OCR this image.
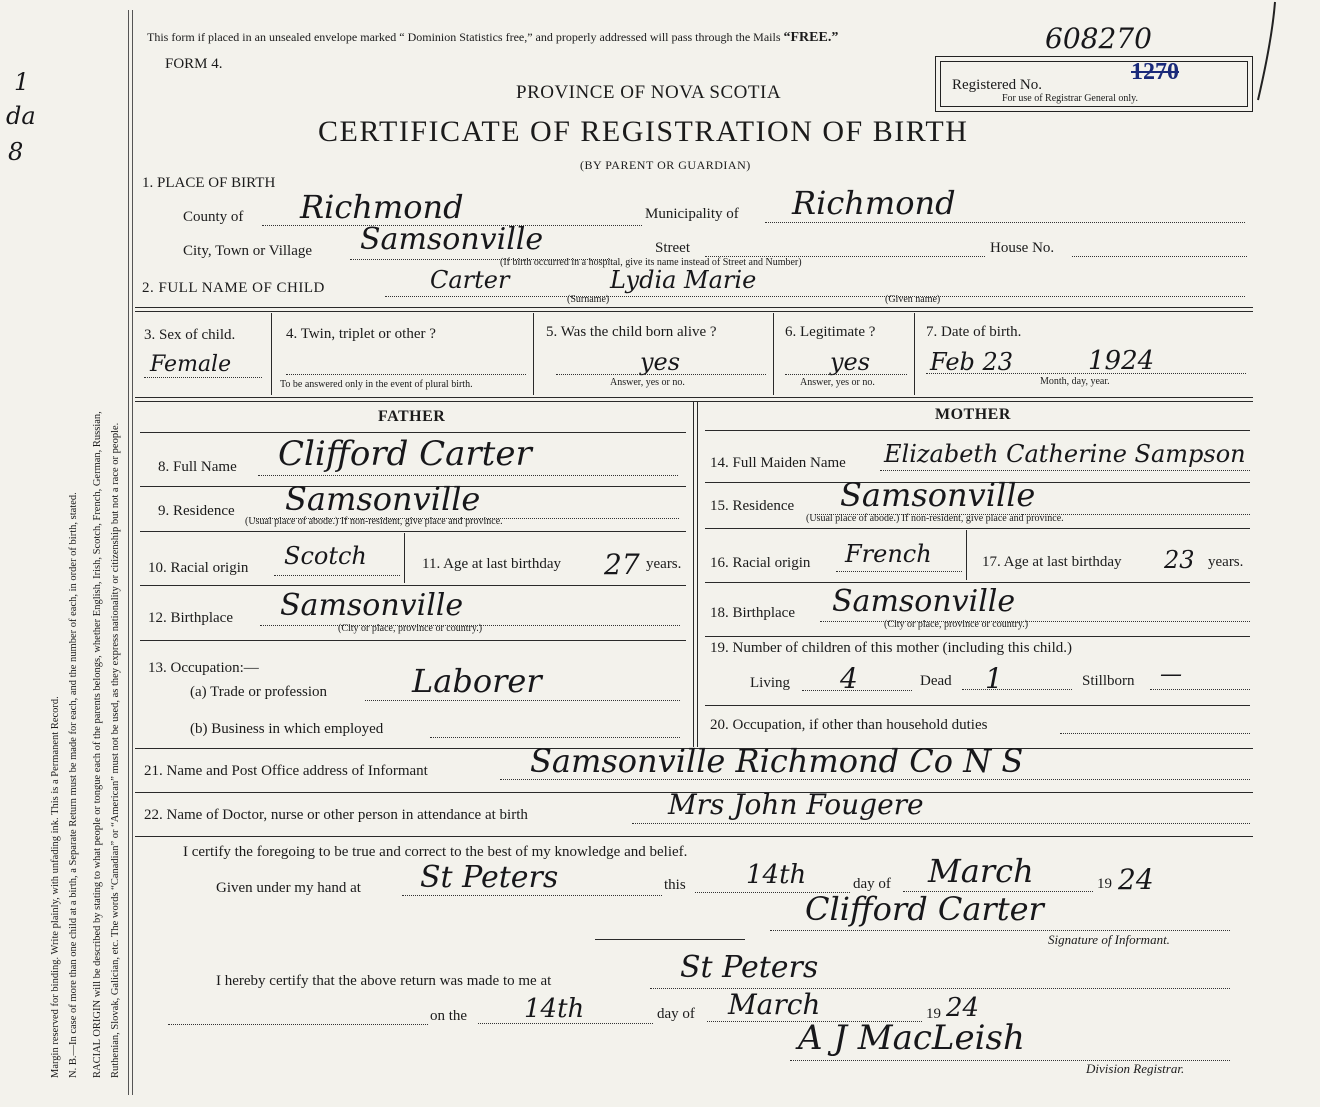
1
da
8
Margin reserved for binding. Write plainly, with unfading ink. This is a Permanent Record. N. B.—In case of more than one child at a birth, a Separate Return must be made for each, and the number of each, in order of birth, stated. RACIAL ORIGIN will be described by stating to what people or tongue each of the parents belongs, whether English, Irish, Scotch, French, German, Russian, Ruthenian, Slovak, Galician, etc. The words “Canadian” or “American” must not be used, as they express nationality or citizenship but not a race or people.
This form if placed in an unsealed envelope marked “ Dominion Statistics free,” and properly addressed will pass through the Mails “FREE.”	608270
FORM 4.
PROVINCE OF NOVA SCOTIA
CERTIFICATE OF REGISTRATION OF BIRTH
(BY PARENT OR GUARDIAN)
Registered No.	1270
For use of Registrar General only.
1. PLACE OF BIRTH
County of Richmond	Municipality of Richmond
City, Town or Village Samsonville	Street	House No.
(If birth occurred in a hospital, give its name instead of Street and Number)
2. FULL NAME OF CHILD	Carter	Lydia Marie
(Surname)	(Given name)
3. Sex of child.
Female
4. Twin, triplet or other ?
To be answered only in the event of plural birth.
5. Was the child born alive ?
yes
Answer, yes or no.
6. Legitimate ?
yes
Answer, yes or no.
7. Date of birth.
Feb 23	1924
Month, day, year.
FATHER	MOTHER
8. Full Name Clifford Carter
9. Residence Samsonville
(Usual place of abode.) If non-resident, give place and province.
10. Racial origin Scotch	11. Age at last birthday 27 years.
12. Birthplace Samsonville
(City or place, province or country.)
13. Occupation:—
(a) Trade or profession	Laborer
(b) Business in which employed
14. Full Maiden Name Elizabeth Catherine Sampson
15. Residence Samsonville
(Usual place of abode.) If non-resident, give place and province.
16. Racial origin French	17. Age at last birthday 23 years.
18. Birthplace Samsonville
(City or place, province or country.)
19. Number of children of this mother (including this child.)
Living 4	Dead 1	Stillborn —
20. Occupation, if other than household duties
21. Name and Post Office address of Informant	Samsonville Richmond Co N S
22. Name of Doctor, nurse or other person in attendance at birth	Mrs John Fougere
I certify the foregoing to be true and correct to the best of my knowledge and belief.
Given under my hand at St Peters	this 14th	day of March	19 24
Clifford Carter
Signature of Informant.
I hereby certify that the above return was made to me at	St Peters
on the 14th	day of March	19 24
A J MacLeish
Division Registrar.
